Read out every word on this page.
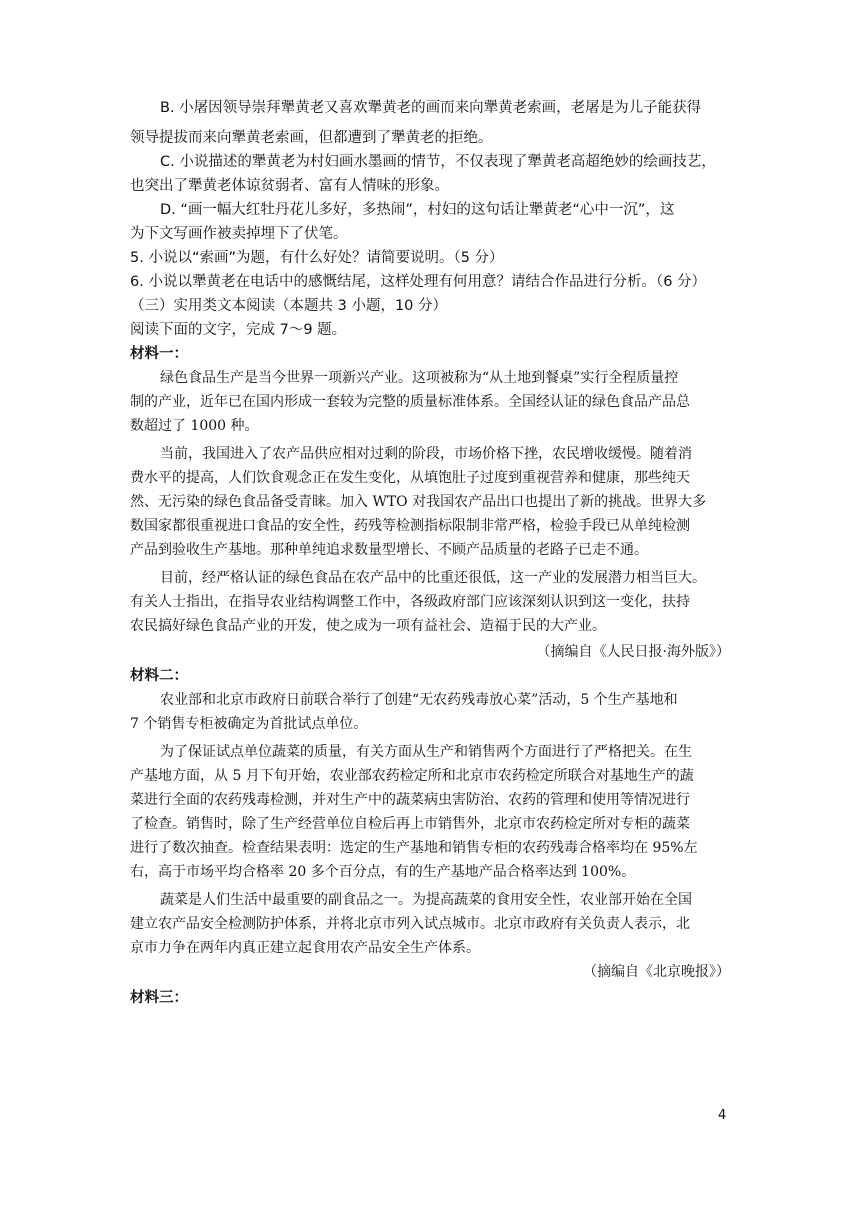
B. 小屠因领导崇拜犟黄老又喜欢犟黄老的画而来向犟黄老索画，老屠是为儿子能获得
领导提拔而来向犟黄老索画，但都遭到了犟黄老的拒绝。
C. 小说描述的犟黄老为村妇画水墨画的情节，不仅表现了犟黄老高超绝妙的绘画技艺，
也突出了犟黄老体谅贫弱者、富有人情味的形象。
D. “画一幅大红牡丹花儿多好，多热闹”，村妇的这句话让犟黄老“心中一沉”，这
为下文写画作被卖掉埋下了伏笔。
5. 小说以“索画”为题，有什么好处？请简要说明。（5 分）
6. 小说以犟黄老在电话中的感慨结尾，这样处理有何用意？请结合作品进行分析。（6 分）
（三）实用类文本阅读（本题共 3 小题，10 分）
阅读下面的文字，完成 7～9 题。
材料一：
绿色食品生产是当今世界一项新兴产业。这项被称为“从土地到餐桌”实行全程质量控
制的产业，近年已在国内形成一套较为完整的质量标准体系。全国经认证的绿色食品产品总
数超过了 1000 种。
当前，我国进入了农产品供应相对过剩的阶段，市场价格下挫，农民增收缓慢。随着消
费水平的提高，人们饮食观念正在发生变化，从填饱肚子过度到重视营养和健康，那些纯天
然、无污染的绿色食品备受青睐。加入 WTO 对我国农产品出口也提出了新的挑战。世界大多
数国家都很重视进口食品的安全性，药残等检测指标限制非常严格，检验手段已从单纯检测
产品到验收生产基地。那种单纯追求数量型增长、不顾产品质量的老路子已走不通。
目前，经严格认证的绿色食品在农产品中的比重还很低，这一产业的发展潜力相当巨大。
有关人士指出，在指导农业结构调整工作中，各级政府部门应该深刻认识到这一变化，扶持
农民搞好绿色食品产业的开发，使之成为一项有益社会、造福于民的大产业。
（摘编自《人民日报·海外版》）
材料二：
农业部和北京市政府日前联合举行了创建“无农药残毒放心菜”活动，5 个生产基地和
7 个销售专柜被确定为首批试点单位。
为了保证试点单位蔬菜的质量，有关方面从生产和销售两个方面进行了严格把关。在生
产基地方面，从 5 月下旬开始，农业部农药检定所和北京市农药检定所联合对基地生产的蔬
菜进行全面的农药残毒检测，并对生产中的蔬菜病虫害防治、农药的管理和使用等情况进行
了检查。销售时，除了生产经营单位自检后再上市销售外，北京市农药检定所对专柜的蔬菜
进行了数次抽查。检查结果表明：选定的生产基地和销售专柜的农药残毒合格率均在 95%左
右，高于市场平均合格率 20 多个百分点，有的生产基地产品合格率达到 100%。
蔬菜是人们生活中最重要的副食品之一。为提高蔬菜的食用安全性，农业部开始在全国
建立农产品安全检测防护体系，并将北京市列入试点城市。北京市政府有关负责人表示，北
京市力争在两年内真正建立起食用农产品安全生产体系。
（摘编自《北京晚报》）
材料三：
4
